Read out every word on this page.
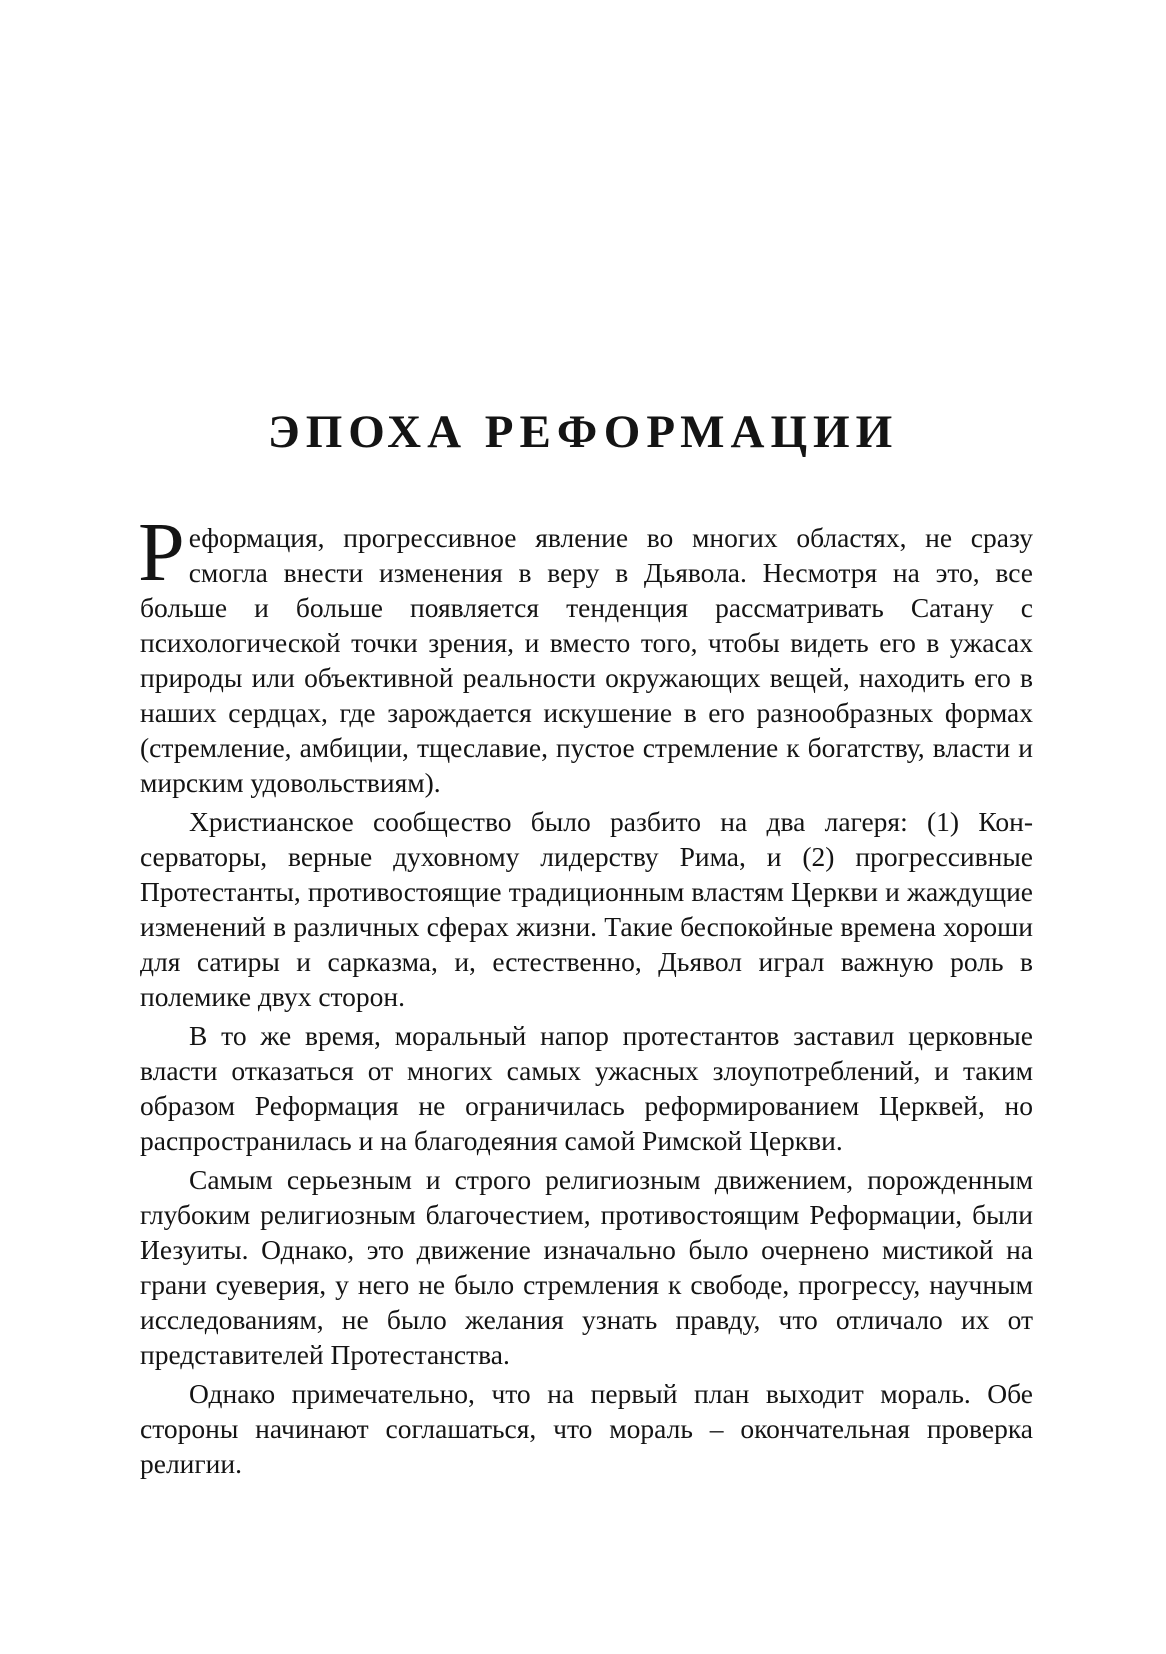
ЭПОХА РЕФОРМАЦИИ

Реформация, прогрессивное явление во многих областях, не сразу смогла внести изменения в веру в Дьявола. Несмотря на это, все больше и больше появляется тенденция рассматривать Сатану с психологической точки зрения, и вместо того, чтобы видеть его в ужасах природы или объективной реальности окружающих вещей, находить его в наших сердцах, где зарождается искушение в его разнообразных формах (стремление, амбиции, тщеславие, пустое стремление к богатству, власти и мирским удовольствиям).

Христианское сообщество было разбито на два лагеря: (1) Консерваторы, верные духовному лидерству Рима, и (2) прогрессивные Протестанты, противостоящие традиционным властям Церкви и жаждущие изменений в различных сферах жизни. Такие беспокойные времена хороши для сатиры и сарказма, и, естественно, Дьявол играл важную роль в полемике двух сторон.

В то же время, моральный напор протестантов заставил церковные власти отказаться от многих самых ужасных злоупотреблений, и таким образом Реформация не ограничилась реформированием Церквей, но распространилась и на благодеяния самой Римской Церкви.

Самым серьезным и строго религиозным движением, порожденным глубоким религиозным благочестием, противостоящим Реформации, были Иезуиты. Однако, это движение изначально было очернено мистикой на грани суеверия, у него не было стремления к свободе, прогрессу, научным исследованиям, не было желания узнать правду, что отличало их от представителей Протестанства.

Однако примечательно, что на первый план выходит мораль. Обе стороны начинают соглашаться, что мораль – окончательная проверка религии.
